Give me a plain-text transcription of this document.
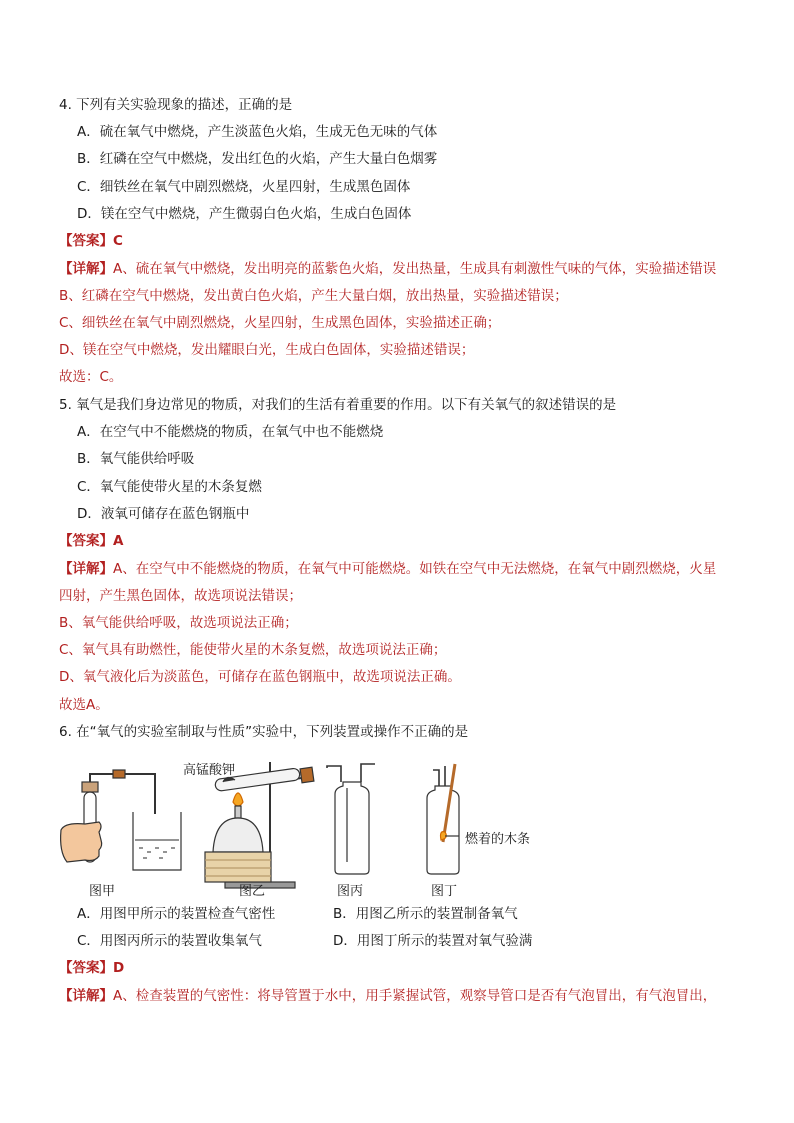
4. 下列有关实验现象的描述，正确的是
A．硫在氧气中燃烧，产生淡蓝色火焰，生成无色无味的气体
B．红磷在空气中燃烧，发出红色的火焰，产生大量白色烟雾
C．细铁丝在氧气中剧烈燃烧，火星四射，生成黑色固体
D．镁在空气中燃烧，产生微弱白色火焰，生成白色固体
【答案】C
【详解】A、硫在氧气中燃烧，发出明亮的蓝紫色火焰，发出热量，生成具有刺激性气味的气体，实验描述错误
B、红磷在空气中燃烧，发出黄白色火焰，产生大量白烟，放出热量，实验描述错误；
C、细铁丝在氧气中剧烈燃烧，火星四射，生成黑色固体，实验描述正确；
D、镁在空气中燃烧，发出耀眼白光，生成白色固体，实验描述错误；
故选：C。
5. 氧气是我们身边常见的物质，对我们的生活有着重要的作用。以下有关氧气的叙述错误的是
A．在空气中不能燃烧的物质，在氧气中也不能燃烧
B．氧气能供给呼吸
C．氧气能使带火星的木条复燃
D．液氧可储存在蓝色钢瓶中
【答案】A
【详解】A、在空气中不能燃烧的物质，在氧气中可能燃烧。如铁在空气中无法燃烧，在氧气中剧烈燃烧，火星
四射，产生黑色固体，故选项说法错误；
B、氧气能供给呼吸，故选项说法正确；
C、氧气具有助燃性，能使带火星的木条复燃，故选项说法正确；
D、氧气液化后为淡蓝色，可储存在蓝色钢瓶中，故选项说法正确。
故选A。
6. 在“氧气的实验室制取与性质”实验中，下列装置或操作不正确的是
高锰酸钾
燃着的木条
图甲	图乙	图丙	图丁
A．用图甲所示的装置检查气密性	B．用图乙所示的装置制备氧气
C．用图丙所示的装置收集氧气	D．用图丁所示的装置对氧气验满
【答案】D
【详解】A、检查装置的气密性：将导管置于水中，用手紧握试管，观察导管口是否有气泡冒出，有气泡冒出，
